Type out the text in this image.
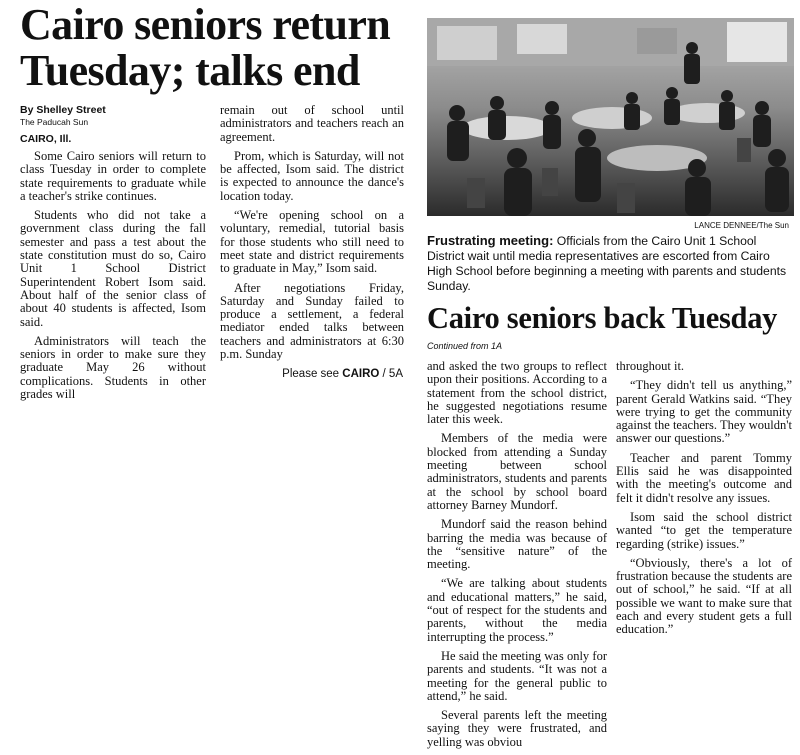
Cairo seniors return Tuesday; talks end
By Shelley Street
The Paducah Sun
CAIRO, Ill.

Some Cairo seniors will return to class Tuesday in order to complete state requirements to graduate while a teacher's strike continues.

Students who did not take a government class during the fall semester and pass a test about the state constitution must do so, Cairo Unit 1 School District Superintendent Robert Isom said. About half of the senior class of about 40 students is affected, Isom said.

Administrators will teach the seniors in order to make sure they graduate May 26 without complications. Students in other grades will

remain out of school until administrators and teachers reach an agreement.

Prom, which is Saturday, will not be affected, Isom said. The district is expected to announce the dance's location today.

“We're opening school on a voluntary, remedial, tutorial basis for those students who still need to meet state and district requirements to graduate in May,” Isom said.

After negotiations Friday, Saturday and Sunday failed to produce a settlement, a federal mediator ended talks between teachers and administrators at 6:30 p.m. Sunday

Please see CAIRO / 5A
LANCE DENNEE/The Sun
Frustrating meeting: Officials from the Cairo Unit 1 School District wait until media representatives are escorted from Cairo High School before beginning a meeting with parents and students Sunday.
Cairo seniors back Tuesday
Continued from 1A

and asked the two groups to reflect upon their positions. According to a statement from the school district, he suggested negotiations resume later this week.

Members of the media were blocked from attending a Sunday meeting between school administrators, students and parents at the school by school board attorney Barney Mundorf.

Mundorf said the reason behind barring the media was because of the “sensitive nature” of the meeting.

“We are talking about students and educational matters,” he said, “out of respect for the students and parents, without the media interrupting the process.”

He said the meeting was only for parents and students. “It was not a meeting for the general public to attend,” he said.

Several parents left the meeting saying they were frustrated, and yelling was obviou

throughout it.

“They didn't tell us anything,” parent Gerald Watkins said. “They were trying to get the community against the teachers. They wouldn't answer our questions.”

Teacher and parent Tommy Ellis said he was disappointed with the meeting's outcome and felt it didn't resolve any issues.

Isom said the school district wanted “to get the temperature regarding (strike) issues.”

“Obviously, there's a lot of frustration because the students are out of school,” he said. “If at all possible we want to make sure that each and every student gets a full education.”
